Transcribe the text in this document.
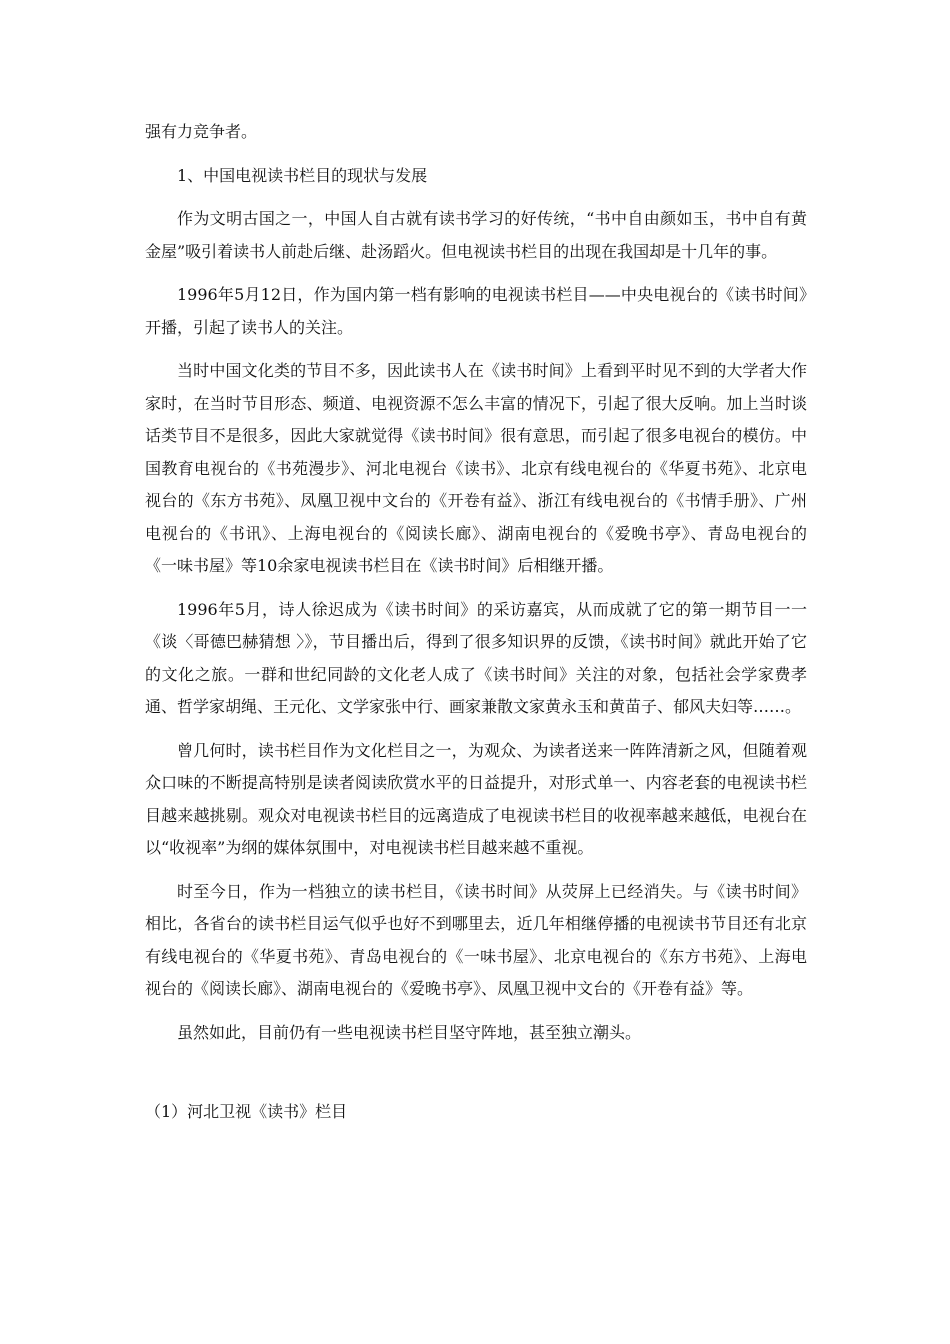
强有力竞争者。

1、中国电视读书栏目的现状与发展

作为文明古国之一，中国人自古就有读书学习的好传统，“书中自由颜如玉，书中自有黄金屋”吸引着读书人前赴后继、赴汤蹈火。但电视读书栏目的出现在我国却是十几年的事。

1996年5月12日，作为国内第一档有影响的电视读书栏目——中央电视台的《读书时间》开播，引起了读书人的关注。

当时中国文化类的节目不多，因此读书人在《读书时间》上看到平时见不到的大学者大作家时，在当时节目形态、频道、电视资源不怎么丰富的情况下，引起了很大反响。加上当时谈话类节目不是很多，因此大家就觉得《读书时间》很有意思，而引起了很多电视台的模仿。中国教育电视台的《书苑漫步》、河北电视台《读书》、北京有线电视台的《华夏书苑》、北京电视台的《东方书苑》、凤凰卫视中文台的《开卷有益》、浙江有线电视台的《书情手册》、广州电视台的《书讯》、上海电视台的《阅读长廊》、湖南电视台的《爱晚书亭》、青岛电视台的《一味书屋》等10余家电视读书栏目在《读书时间》后相继开播。

1996年5月，诗人徐迟成为《读书时间》的采访嘉宾，从而成就了它的第一期节目一一《谈〈哥德巴赫猜想 〉》，节目播出后，得到了很多知识界的反馈，《读书时间》就此开始了它的文化之旅。一群和世纪同龄的文化老人成了《读书时间》关注的对象，包括社会学家费孝通、哲学家胡绳、王元化、文学家张中行、画家兼散文家黄永玉和黄苗子、郁风夫妇等……。

曾几何时，读书栏目作为文化栏目之一，为观众、为读者送来一阵阵清新之风，但随着观众口味的不断提高特别是读者阅读欣赏水平的日益提升，对形式单一、内容老套的电视读书栏目越来越挑剔。观众对电视读书栏目的远离造成了电视读书栏目的收视率越来越低，电视台在以“收视率”为纲的媒体氛围中，对电视读书栏目越来越不重视。

时至今日，作为一档独立的读书栏目，《读书时间》从荧屏上已经消失。与《读书时间》相比，各省台的读书栏目运气似乎也好不到哪里去，近几年相继停播的电视读书节目还有北京有线电视台的《华夏书苑》、青岛电视台的《一味书屋》、北京电视台的《东方书苑》、上海电视台的《阅读长廊》、湖南电视台的《爱晚书亭》、凤凰卫视中文台的《开卷有益》等。

虽然如此，目前仍有一些电视读书栏目坚守阵地，甚至独立潮头。

（1）河北卫视《读书》栏目
